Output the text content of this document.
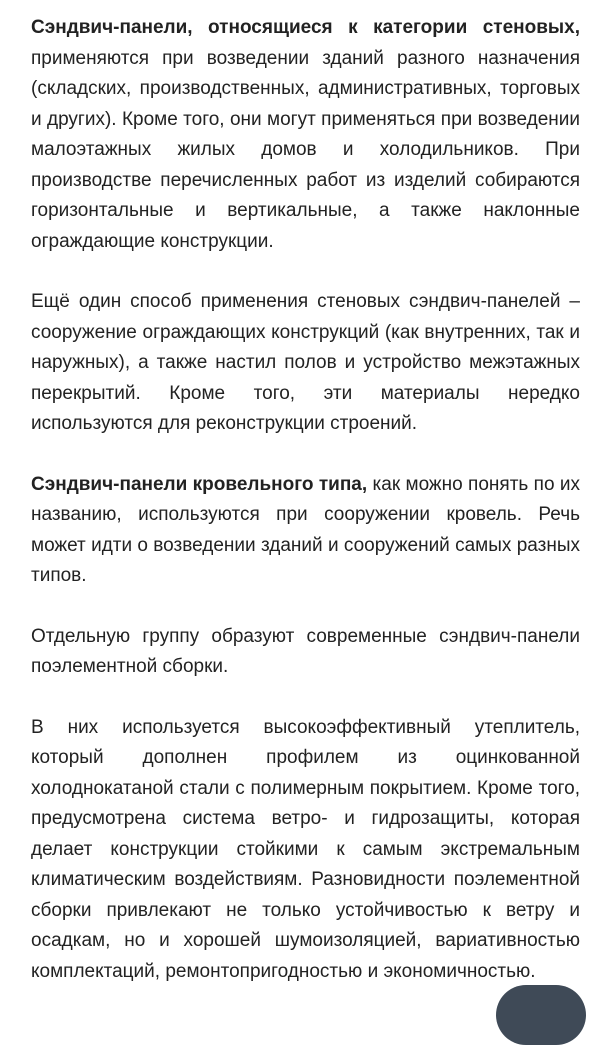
Сэндвич-панели, относящиеся к категории стеновых, применяются при возведении зданий разного назначения (складских, производственных, административных, торговых и других). Кроме того, они могут применяться при возведении малоэтажных жилых домов и холодильников. При производстве перечисленных работ из изделий собираются горизонтальные и вертикальные, а также наклонные ограждающие конструкции.

Ещё один способ применения стеновых сэндвич-панелей – сооружение ограждающих конструкций (как внутренних, так и наружных), а также настил полов и устройство межэтажных перекрытий. Кроме того, эти материалы нередко используются для реконструкции строений.

Сэндвич-панели кровельного типа, как можно понять по их названию, используются при сооружении кровель. Речь может идти о возведении зданий и сооружений самых разных типов.

Отдельную группу образуют современные сэндвич-панели поэлементной сборки.

В них используется высокоэффективный утеплитель, который дополнен профилем из оцинкованной холоднокатаной стали с полимерным покрытием. Кроме того, предусмотрена система ветро- и гидрозащиты, которая делает конструкции стойкими к самым экстремальным климатическим воздействиям. Разновидности поэлементной сборки привлекают не только устойчивостью к ветру и осадкам, но и хорошей шумоизоляцией, вариативностью комплектаций, ремонтопригодностью и экономичностью.
